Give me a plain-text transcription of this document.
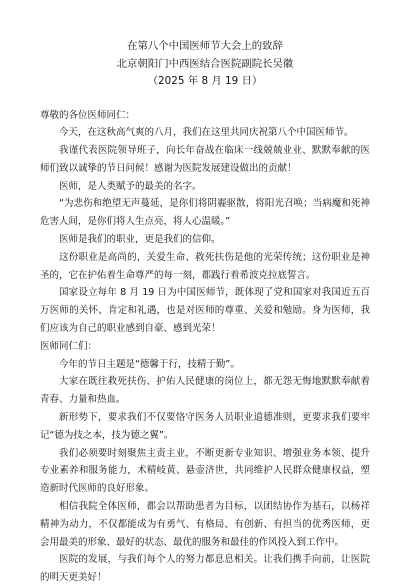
在第八个中国医师节大会上的致辞
北京朝阳门中西医结合医院副院长吴徽
（2025 年 8 月 19 日）

尊敬的各位医师同仁：

今天，在这秋高气爽的八月，我们在这里共同庆祝第八个中国医师节。

我谨代表医院领导班子，向长年奋战在临床一线兢兢业业、默默奉献的医师们致以诚挚的节日问候！感谢为医院发展建设做出的贡献！

医师，是人类赋予的最美的名字。

“为悲伤和绝望无声蔓延，是你们将阴霾驱散，将阳光召唤；当病魔和死神危害人间，是你们将人生点亮，将人心温暖。”

医师是我们的职业，更是我们的信仰。

这份职业是高尚的，关爱生命、救死扶伤是他的光荣传统；这份职业是神圣的，它在护佑着生命尊严的每一刻，都践行着希波克拉底誓言。

国家设立每年 8 月 19 日为中国医师节，既体现了党和国家对我国近五百万医师的关怀、肯定和礼遇，也是对医师的尊重、关爱和勉励。身为医师，我们应该为自己的职业感到自豪、感到光荣！

医师同仁们：

今年的节日主题是“德馨于行，技精于勤”。

大家在既往救死扶伤、护佑人民健康的岗位上，都无怨无悔地默默奉献着青春、力量和热血。

新形势下，要求我们不仅要恪守医务人员职业道德准则，更要求我们要牢记“德为技之本，技为德之翼”。

我们必须要时刻聚焦主责主业，不断更新专业知识、增强业务本领、提升专业素养和服务能力，术精岐黄、悬壶济世，共同维护人民群众健康权益，塑造新时代医师的良好形象。

相信我院全体医师，都会以帮助患者为目标，以团结协作为基石，以杨祥精神为动力，不仅都能成为有勇气、有格局、有创新、有担当的优秀医师，更会用最美的形象、最好的状态、最优的服务和最佳的作风投入到工作中。

医院的发展，与我们每个人的努力都息息相关。让我们携手向前，让医院的明天更美好！
